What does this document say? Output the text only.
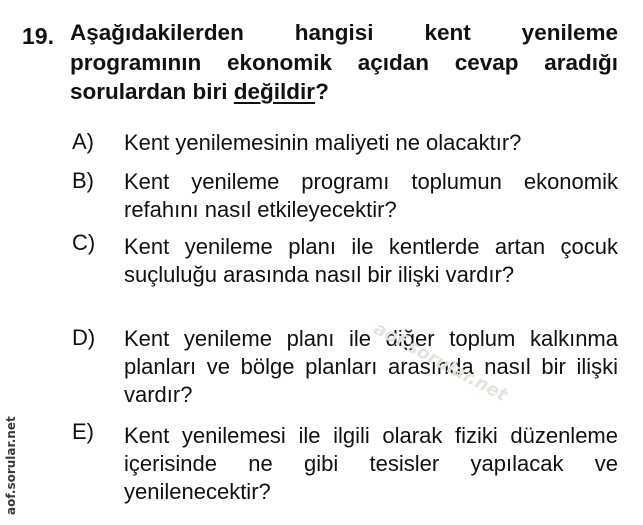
19. Aşağıdakilerden hangisi kent yenileme programının ekonomik açıdan cevap aradığı sorulardan biri değildir?
A) Kent yenilemesinin maliyeti ne olacaktır?
B) Kent yenileme programı toplumun ekonomik refahını nasıl etkileyecektir?
C) Kent yenileme planı ile kentlerde artan çocuk suçluluğu arasında nasıl bir ilişki vardır?
D) Kent yenileme planı ile diğer toplum kalkınma planları ve bölge planları arasında nasıl bir ilişki vardır?
E) Kent yenilemesi ile ilgili olarak fiziki düzenleme içerisinde ne gibi tesisler yapılacak ve yenilenecektir?
aof.sorular.net
aof.sorular.net
